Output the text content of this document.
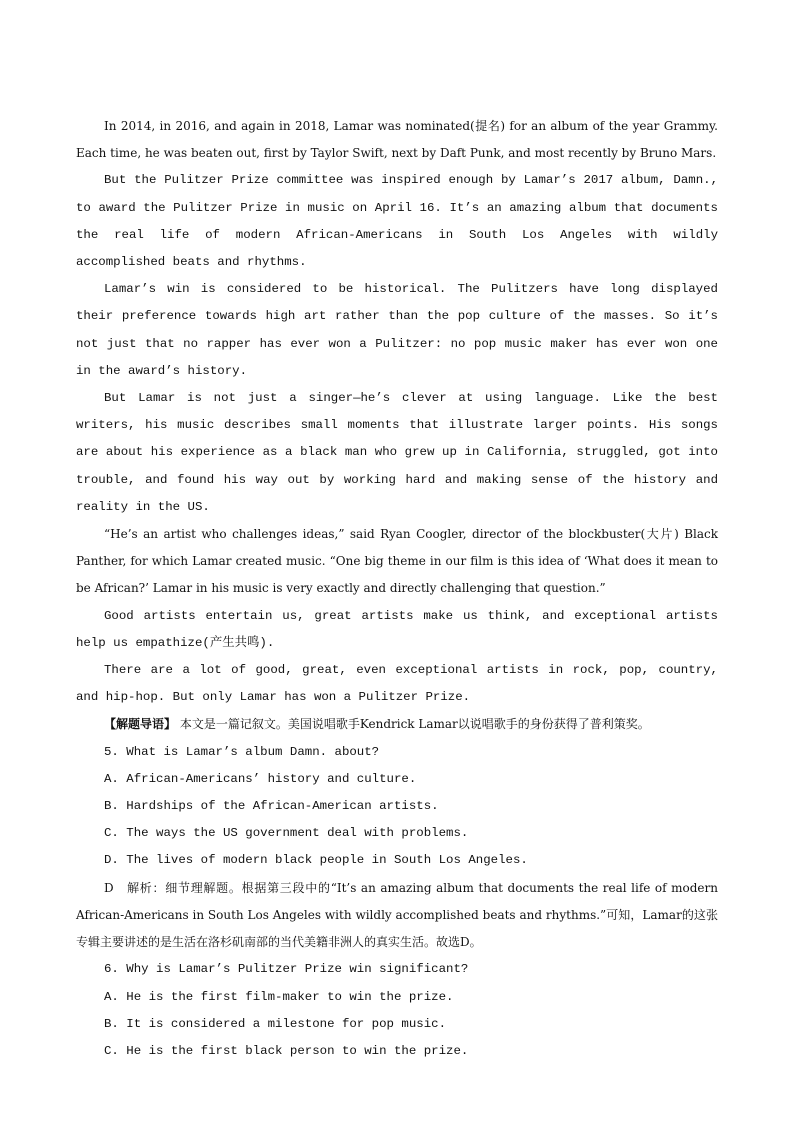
In 2014, in 2016, and again in 2018, Lamar was nominated(提名) for an album of the year Grammy. Each time, he was beaten out, first by Taylor Swift, next by Daft Punk, and most recently by Bruno Mars.

But the Pulitzer Prize committee was inspired enough by Lamar’s 2017 album, Damn., to award the Pulitzer Prize in music on April 16. It’s an amazing album that documents the real life of modern African-Americans in South Los Angeles with wildly accomplished beats and rhythms.

Lamar’s win is considered to be historical. The Pulitzers have long displayed their preference towards high art rather than the pop culture of the masses. So it’s not just that no rapper has ever won a Pulitzer: no pop music maker has ever won one in the award’s history.

But Lamar is not just a singer—he’s clever at using language. Like the best writers, his music describes small moments that illustrate larger points. His songs are about his experience as a black man who grew up in California, struggled, got into trouble, and found his way out by working hard and making sense of the history and reality in the US.

“He’s an artist who challenges ideas,” said Ryan Coogler, director of the blockbuster(大片) Black Panther, for which Lamar created music. “One big theme in our film is this idea of ‘What does it mean to be African?’ Lamar in his music is very exactly and directly challenging that question.”

Good artists entertain us, great artists make us think, and exceptional artists help us empathize(产生共鸣).

There are a lot of good, great, even exceptional artists in rock, pop, country, and hip-hop. But only Lamar has won a Pulitzer Prize.

【解题导语】 本文是一篇记叙文。美国说唱歌手Kendrick Lamar以说唱歌手的身份获得了普利策奖。

5. What is Lamar’s album Damn. about?

A. African-Americans’ history and culture.

B. Hardships of the African-American artists.

C. The ways the US government deal with problems.

D. The lives of modern black people in South Los Angeles.

D　解析：细节理解题。根据第三段中的“It’s an amazing album that documents the real life of modern African-Americans in South Los Angeles with wildly accomplished beats and rhythms.”可知，Lamar的这张专辑主要讲述的是生活在洛杉矶南部的当代美籍非洲人的真实生活。故选D。

6. Why is Lamar’s Pulitzer Prize win significant?

A. He is the first film-maker to win the prize.

B. It is considered a milestone for pop music.

C. He is the first black person to win the prize.
